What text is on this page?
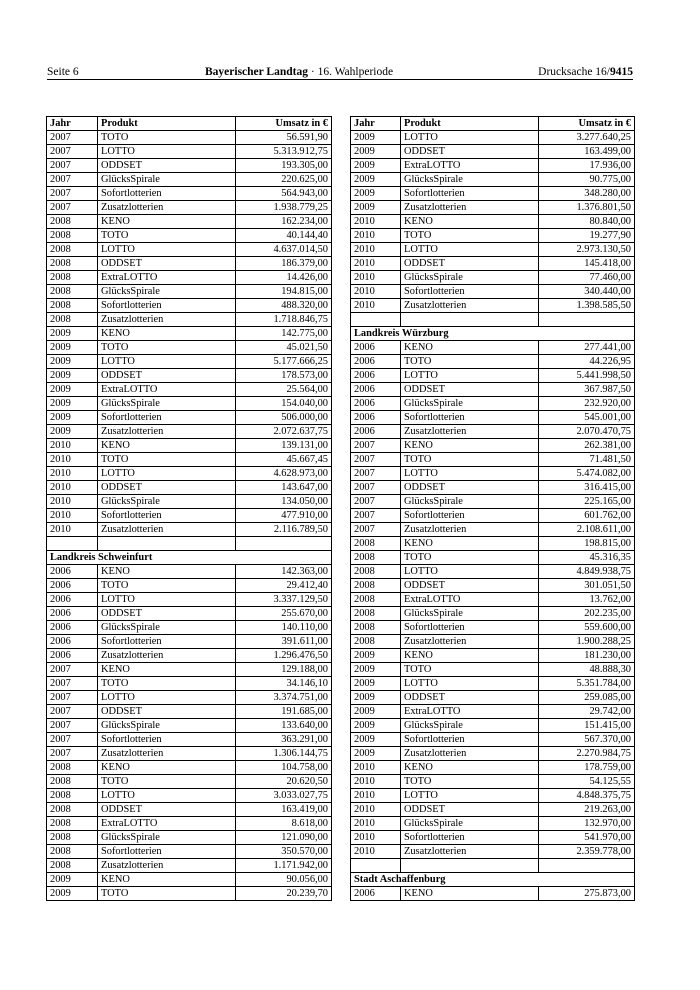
Seite 6	Bayerischer Landtag · 16. Wahlperiode	Drucksache 16/9415
Jahr	Produkt	Umsatz in €
2007	TOTO	56.591,90
2007	LOTTO	5.313.912,75
2007	ODDSET	193.305,00
2007	GlücksSpirale	220.625,00
2007	Sofortlotterien	564.943,00
2007	Zusatzlotterien	1.938.779,25
2008	KENO	162.234,00
2008	TOTO	40.144,40
2008	LOTTO	4.637.014,50
2008	ODDSET	186.379,00
2008	ExtraLOTTO	14.426,00
2008	GlücksSpirale	194.815,00
2008	Sofortlotterien	488.320,00
2008	Zusatzlotterien	1.718.846,75
2009	KENO	142.775,00
2009	TOTO	45.021,50
2009	LOTTO	5.177.666,25
2009	ODDSET	178.573,00
2009	ExtraLOTTO	25.564,00
2009	GlücksSpirale	154.040,00
2009	Sofortlotterien	506.000,00
2009	Zusatzlotterien	2.072.637,75
2010	KENO	139.131,00
2010	TOTO	45.667,45
2010	LOTTO	4.628.973,00
2010	ODDSET	143.647,00
2010	GlücksSpirale	134.050,00
2010	Sofortlotterien	477.910,00
2010	Zusatzlotterien	2.116.789,50

Landkreis Schweinfurt		
2006	KENO	142.363,00
2006	TOTO	29.412,40
2006	LOTTO	3.337.129,50
2006	ODDSET	255.670,00
2006	GlücksSpirale	140.110,00
2006	Sofortlotterien	391.611,00
2006	Zusatzlotterien	1.296.476,50
2007	KENO	129.188,00
2007	TOTO	34.146,10
2007	LOTTO	3.374.751,00
2007	ODDSET	191.685,00
2007	GlücksSpirale	133.640,00
2007	Sofortlotterien	363.291,00
2007	Zusatzlotterien	1.306.144,75
2008	KENO	104.758,00
2008	TOTO	20.620,50
2008	LOTTO	3.033.027,75
2008	ODDSET	163.419,00
2008	ExtraLOTTO	8.618,00
2008	GlücksSpirale	121.090,00
2008	Sofortlotterien	350.570,00
2008	Zusatzlotterien	1.171.942,00
2009	KENO	90.056,00
2009	TOTO	20.239,70
Jahr	Produkt	Umsatz in €
2009	LOTTO	3.277.640,25
2009	ODDSET	163.499,00
2009	ExtraLOTTO	17.936,00
2009	GlücksSpirale	90.775,00
2009	Sofortlotterien	348.280,00
2009	Zusatzlotterien	1.376.801,50
2010	KENO	80.840,00
2010	TOTO	19.277,90
2010	LOTTO	2.973.130,50
2010	ODDSET	145.418,00
2010	GlücksSpirale	77.460,00
2010	Sofortlotterien	340.440,00
2010	Zusatzlotterien	1.398.585,50

Landkreis Würzburg		
2006	KENO	277.441,00
2006	TOTO	44.226,95
2006	LOTTO	5.441.998,50
2006	ODDSET	367.987,50
2006	GlücksSpirale	232.920,00
2006	Sofortlotterien	545.001,00
2006	Zusatzlotterien	2.070.470,75
2007	KENO	262.381,00
2007	TOTO	71.481,50
2007	LOTTO	5.474.082,00
2007	ODDSET	316.415,00
2007	GlücksSpirale	225.165,00
2007	Sofortlotterien	601.762,00
2007	Zusatzlotterien	2.108.611,00
2008	KENO	198.815,00
2008	TOTO	45.316,35
2008	LOTTO	4.849.938,75
2008	ODDSET	301.051,50
2008	ExtraLOTTO	13.762,00
2008	GlücksSpirale	202.235,00
2008	Sofortlotterien	559.600,00
2008	Zusatzlotterien	1.900.288,25
2009	KENO	181.230,00
2009	TOTO	48.888,30
2009	LOTTO	5.351.784,00
2009	ODDSET	259.085,00
2009	ExtraLOTTO	29.742,00
2009	GlücksSpirale	151.415,00
2009	Sofortlotterien	567.370,00
2009	Zusatzlotterien	2.270.984,75
2010	KENO	178.759,00
2010	TOTO	54.125,55
2010	LOTTO	4.848.375,75
2010	ODDSET	219.263,00
2010	GlücksSpirale	132.970,00
2010	Sofortlotterien	541.970,00
2010	Zusatzlotterien	2.359.778,00

Stadt Aschaffenburg		
2006	KENO	275.873,00
